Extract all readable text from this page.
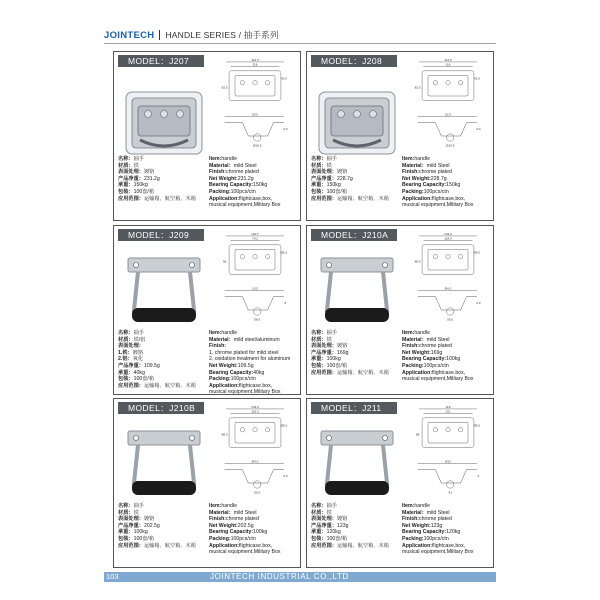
JOINTECH HANDLE SERIES / 抽手系列
MODEL：J207	112.0
116
42.0
82.5
50.0
Ø16.5
2.0
名称：抽手
材质：铁
表面处理：镀铬
产品净重：231.2g
承重：150kg
包装：100套/箱
应用范围：运输箱、航空箱、木箱
Item:handle
Material：mild Steel
Finish:chrome plated
Net Weight:231.2g
Bearing Capacity:150kg
Packing:100pcs/ctn
Application:flightcase,box,
musical equipment,Military Box
MODEL：J208	112.0
116
42.0
82.5
52.5
Ø16.5
2.0
名称：抽手
材质：铁
表面处理：镀铬
产品净重：228.7g
承重：150kg
包装：100套/箱
应用范围：运输箱、航空箱、木箱
Item:handle
Material：mild Steel
Finish:chrome plated
Net Weight:228.7g
Bearing Capacity:150kg
Packing:100pcs/ctn
Application:flightcase,box,
musical equipment,Military Box
MODEL：J209	120.7
79.2
Ø5.2
96
10.5
58.0
5
名称：抽手
材质：铁/铝
表面处理：
1.铁：镀铬
2.铝：氧化
产品净重：109.5g
承重：40kg
包装：100套/箱
应用范围：运输箱、航空箱、木箱
Item:handle
Material：mild steel/aluminum
Finish:
1. chrome plated for mild steel
2. oxidation treatment for aluminum
Net Weight:109.5g
Bearing Capacity:40kg
Packing:100pcs/ctn
Application:flightcase,box,
musical equipment,Military Box
MODEL：J210A	134.0
118.0
Ø5.0
88.0
Ø4.0
50.0
2.0
名称：抽手
材质：铁
表面处理：镀铬
产品净重：169g
承重：100kg
包装：100套/箱
应用范围：运输箱、航空箱、木箱
Item:handle
Material：mild Steel
Finish:chrome plated
Net Weight:169g
Bearing Capacity:100kg
Packing:100pcs/ctn
Application:flightcase,box,
musical equipment,Military Box
MODEL：J210B	134.0
118.0
Ø5.0
88.0
Ø4.0
50.0
2.0
名称：抽手
材质：铁
表面处理：镀铬
产品净重：202.5g
承重：100kg
包装：100套/箱
应用范围：运输箱、航空箱、木箱
Item:handle
Material：mild Steel
Finish:chrome plated
Net Weight:202.5g
Bearing Capacity:100kg
Packing:100pcs/ctn
Application:flightcase,box,
musical equipment,Military Box
MODEL：J211	118
101
Ø5.0
88
Ø12
41
2
名称：抽手
材质：铁
表面处理：镀铬
产品净重：123g
承重：120kg
包装：100套/箱
应用范围：运输箱、航空箱、木箱
Item:handle
Material：mild Steel
Finish:chrome plated
Net Weight:123g
Bearing Capacity:120kg
Packing:100pcs/ctn
Application:flightcase,box,
musical equipment,Military Box
103	JOINTECH INDUSTRIAL CO.,LTD
